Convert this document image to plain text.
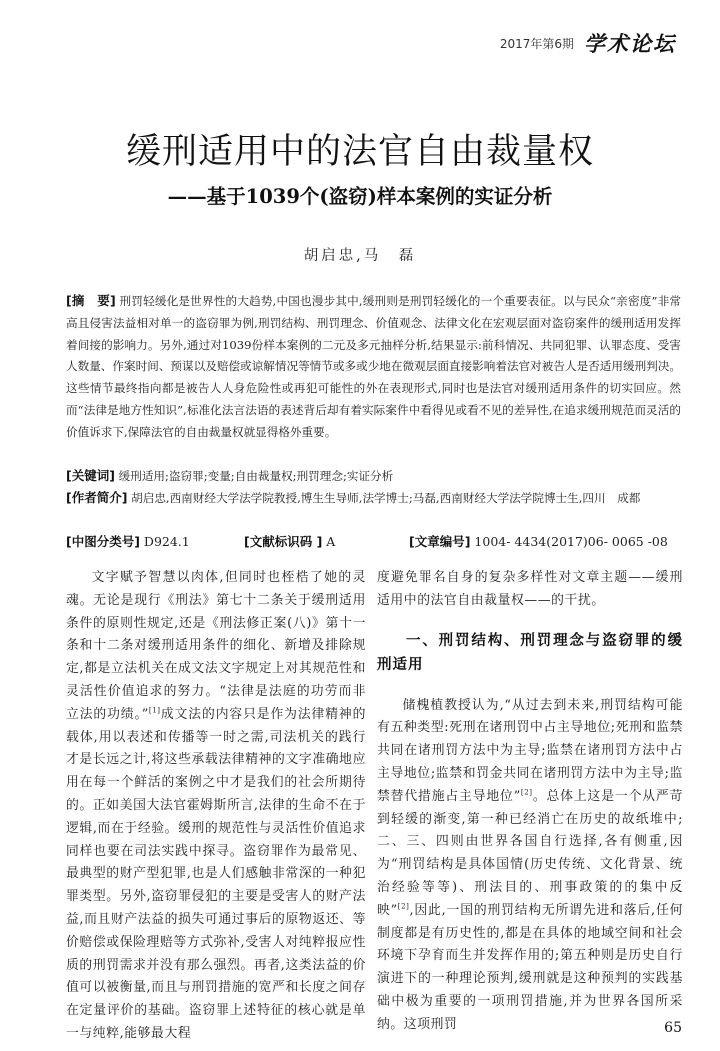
2017年第6期 学术论坛
缓刑适用中的法官自由裁量权
——基于1039个(盗窃)样本案例的实证分析
胡启忠,马　磊
[摘　要] 刑罚轻缓化是世界性的大趋势,中国也漫步其中,缓刑则是刑罚轻缓化的一个重要表征。以与民众“亲密度”非常高且侵害法益相对单一的盗窃罪为例,刑罚结构、刑罚理念、价值观念、法律文化在宏观层面对盗窃案件的缓刑适用发挥着间接的影响力。另外,通过对1039份样本案例的二元及多元抽样分析,结果显示:前科情况、共同犯罪、认罪态度、受害人数量、作案时间、预谋以及赔偿或谅解情况等情节或多或少地在微观层面直接影响着法官对被告人是否适用缓刑判决。这些情节最终指向都是被告人人身危险性或再犯可能性的外在表现形式,同时也是法官对缓刑适用条件的切实回应。然而“法律是地方性知识”,标准化法言法语的表述背后却有着实际案件中看得见或看不见的差异性,在追求缓刑规范而灵活的价值诉求下,保障法官的自由裁量权就显得格外重要。
[关键词] 缓刑适用;盗窃罪;变量;自由裁量权;刑罚理念;实证分析
[作者简介] 胡启忠,西南财经大学法学院教授,博生生导师,法学博士;马磊,西南财经大学法学院博士生,四川　成都
[中图分类号] D924.1	[文献标识码 ] A	[文章编号] 1004- 4434(2017)06- 0065 -08

文字赋予智慧以肉体,但同时也桎梏了她的灵魂。无论是现行《刑法》第七十二条关于缓刑适用条件的原则性规定,还是《刑法修正案(八)》第十一条和十二条对缓刑适用条件的细化、新增及排除规定,都是立法机关在成文法文字规定上对其规范性和灵活性价值追求的努力。“法律是法庭的功劳而非立法的功绩。”[1]成文法的内容只是作为法律精神的载体,用以表述和传播等一时之需,司法机关的践行才是长远之计,将这些承载法律精神的文字准确地应用在每一个鲜活的案例之中才是我们的社会所期待的。正如美国大法官霍姆斯所言,法律的生命不在于逻辑,而在于经验。缓刑的规范性与灵活性价值追求同样也要在司法实践中探寻。盗窃罪作为最常见、最典型的财产型犯罪,也是人们感触非常深的一种犯罪类型。另外,盗窃罪侵犯的主要是受害人的财产法益,而且财产法益的损失可通过事后的原物返还、等价赔偿或保险理赔等方式弥补,受害人对纯粹报应性质的刑罚需求并没有那么强烈。再者,这类法益的价值可以被衡量,而且与刑罚措施的宽严和长度之间存在定量评价的基础。盗窃罪上述特征的核心就是单一与纯粹,能够最大程

度避免罪名自身的复杂多样性对文章主题——缓刑适用中的法官自由裁量权——的干扰。

一、刑罚结构、刑罚理念与盗窃罪的缓刑适用

储槐植教授认为,“从过去到未来,刑罚结构可能有五种类型:死刑在诸刑罚中占主导地位;死刑和监禁共同在诸刑罚方法中为主导;监禁在诸刑罚方法中占主导地位;监禁和罚金共同在诸刑罚方法中为主导;监禁替代措施占主导地位”[2]。总体上这是一个从严苛到轻缓的渐变,第一种已经消亡在历史的故纸堆中;二、三、四则由世界各国自行选择,各有侧重,因为“刑罚结构是具体国情(历史传统、文化背景、统治经验等等)、刑法目的、刑事政策的的集中反映”[2],因此,一国的刑罚结构无所谓先进和落后,任何制度都是有历史性的,都是在具体的地域空间和社会环境下孕育而生并发挥作用的;第五种则是历史自行演进下的一种理论预判,缓刑就是这种预判的实践基础中极为重要的一项刑罚措施,并为世界各国所采纳。这项刑罚	65
